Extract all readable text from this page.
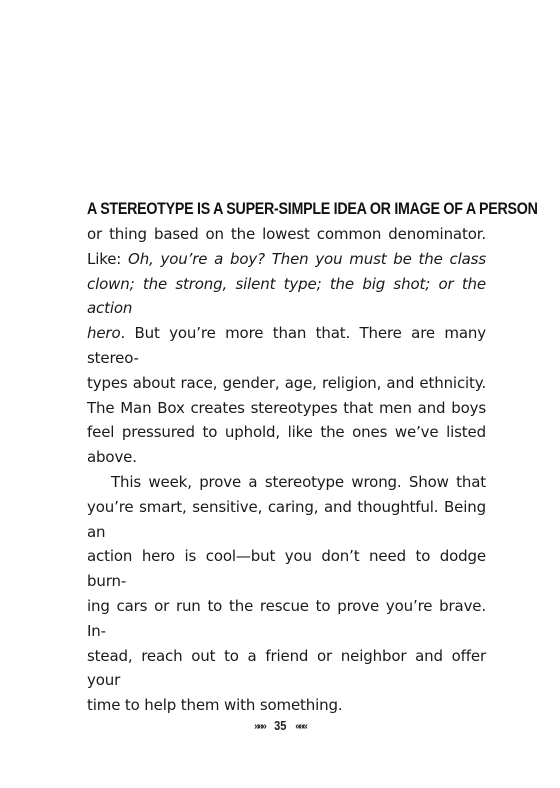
A STEREOTYPE IS A SUPER-SIMPLE IDEA OR IMAGE OF A PERSON

or thing based on the lowest common denominator.

Like: Oh, you’re a boy? Then you must be the class

clown; the strong, silent type; the big shot; or the action

hero. But you’re more than that. There are many stereo-

types about race, gender, age, religion, and ethnicity.

The Man Box creates stereotypes that men and boys

feel pressured to uphold, like the ones we’ve listed

above.

This week, prove a stereotype wrong. Show that

you’re smart, sensitive, caring, and thoughtful. Being an

action hero is cool—but you don’t need to dodge burn-

ing cars or run to the rescue to prove you’re brave. In-

stead, reach out to a friend or neighbor and offer your

time to help them with something.

»»» 35 «««
